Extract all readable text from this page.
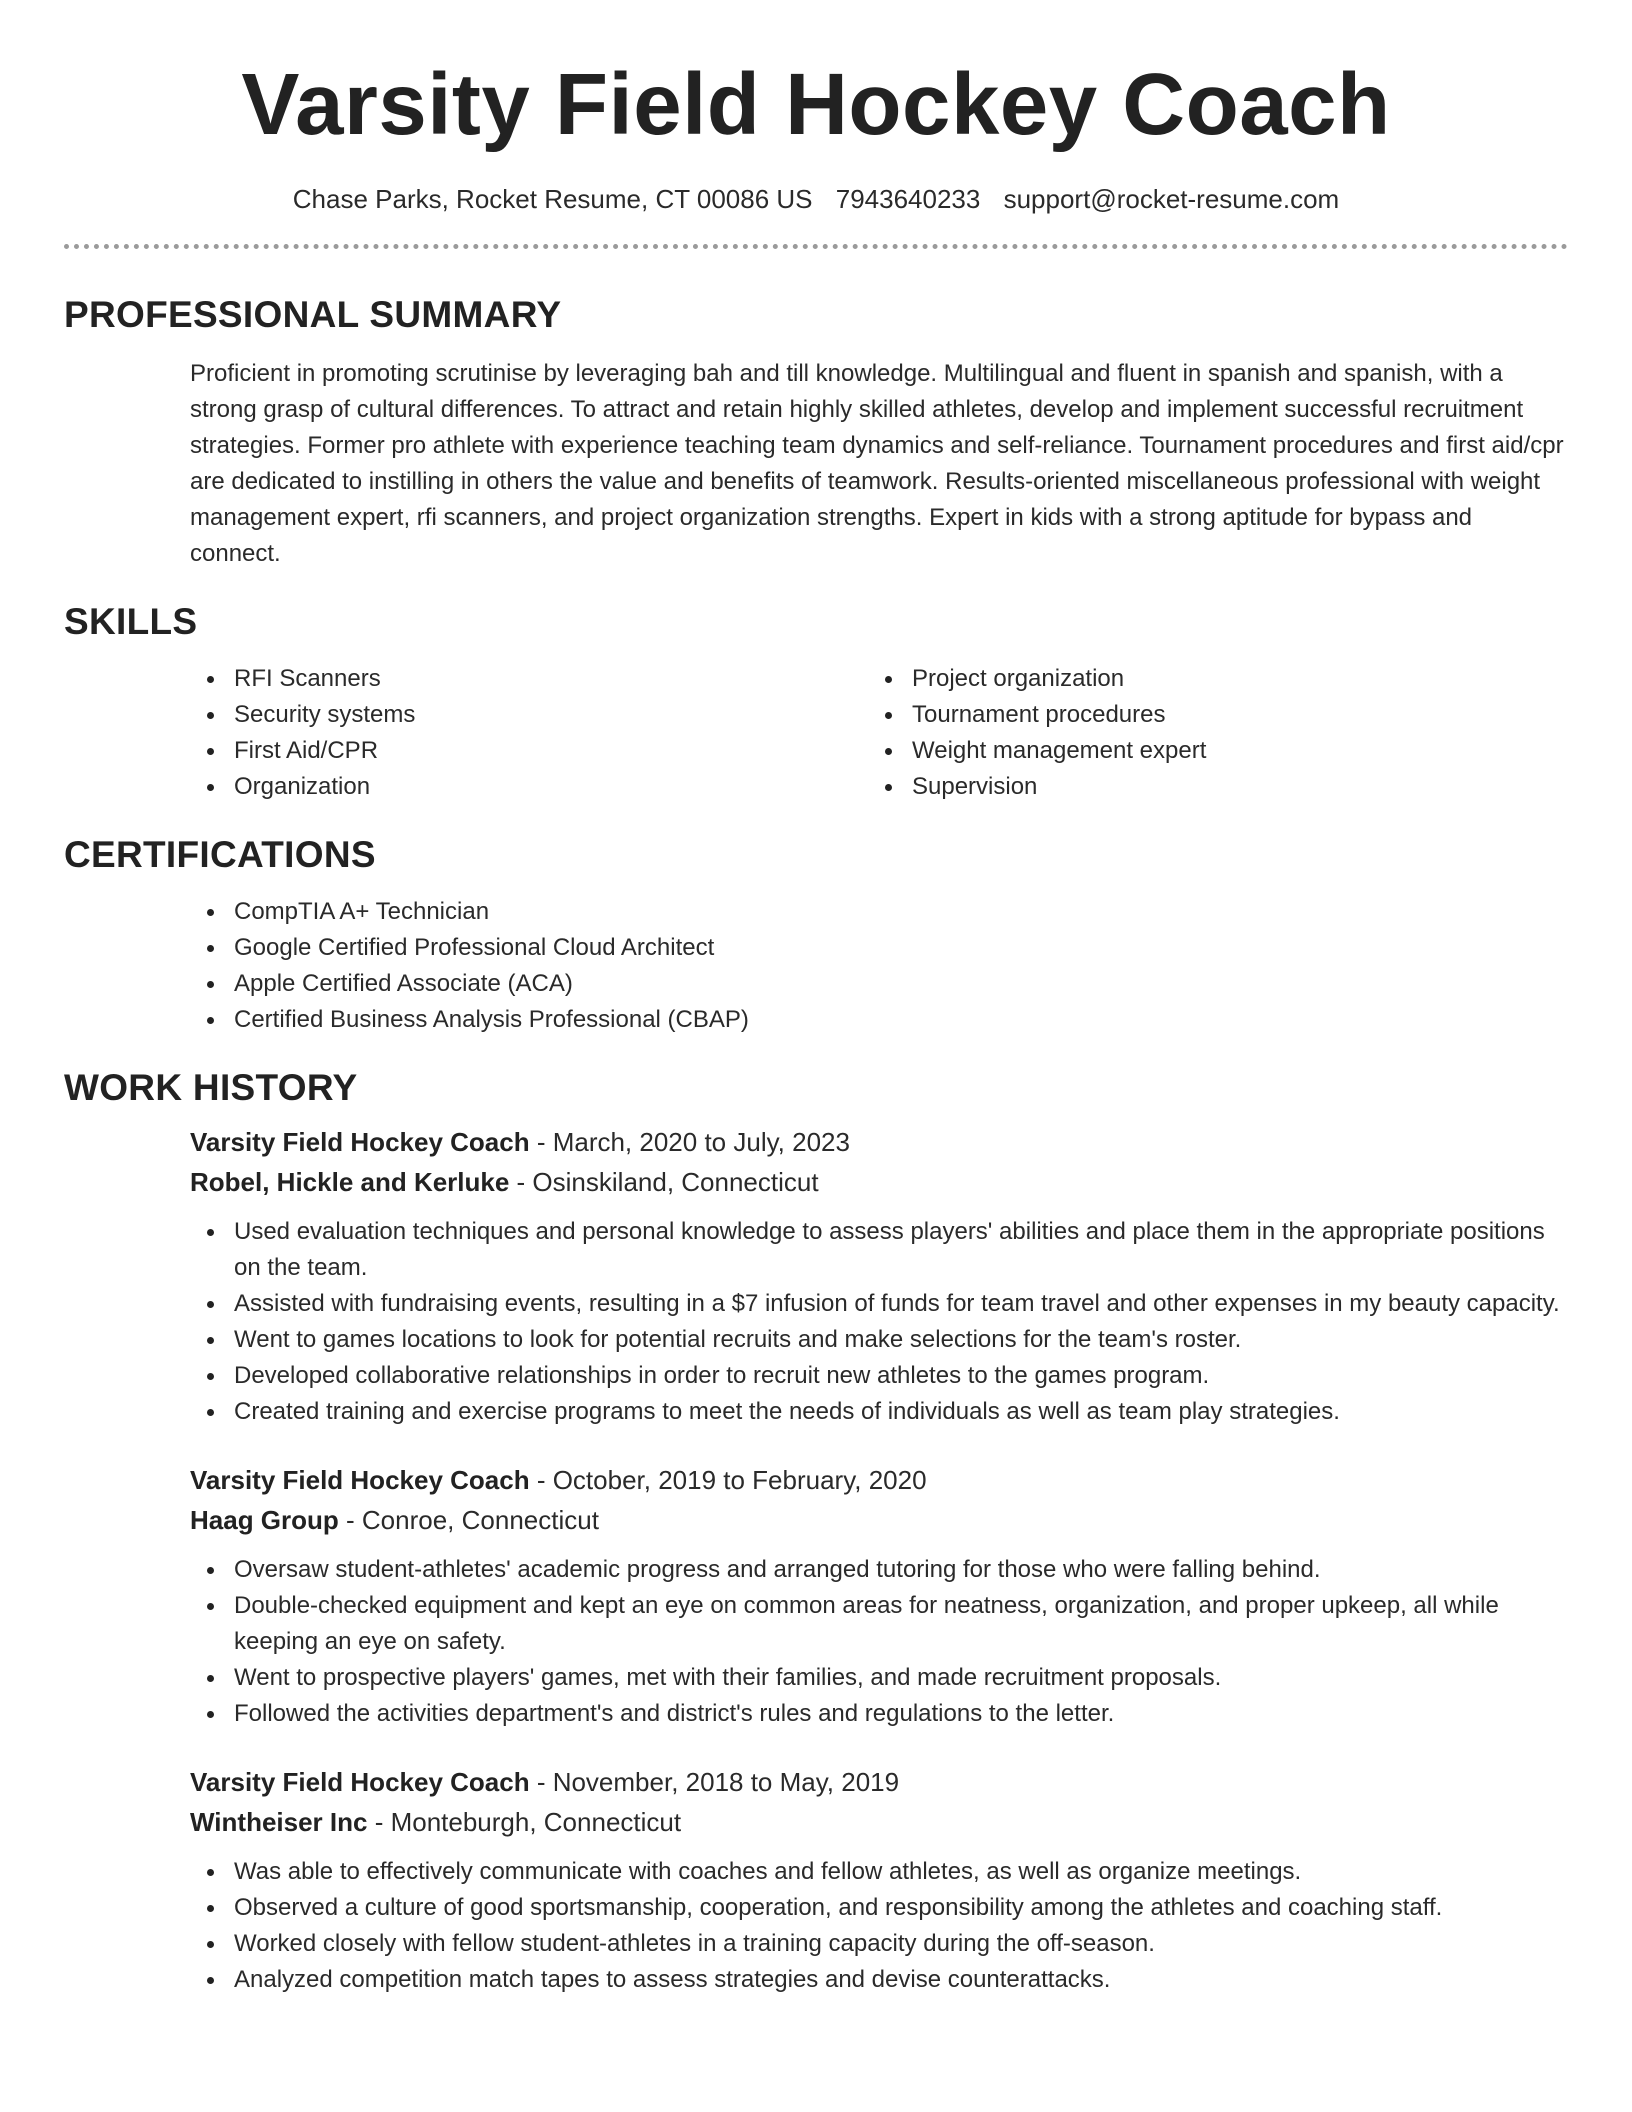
Varsity Field Hockey Coach
Chase Parks, Rocket Resume, CT 00086 US 7943640233 support@rocket-resume.com
PROFESSIONAL SUMMARY

Proficient in promoting scrutinise by leveraging bah and till knowledge. Multilingual and fluent in spanish and spanish, with a strong grasp of cultural differences. To attract and retain highly skilled athletes, develop and implement successful recruitment strategies. Former pro athlete with experience teaching team dynamics and self-reliance. Tournament procedures and first aid/cpr are dedicated to instilling in others the value and benefits of teamwork. Results-oriented miscellaneous professional with weight management expert, rfi scanners, and project organization strengths. Expert in kids with a strong aptitude for bypass and connect.

SKILLS
RFI Scanners
Security systems
First Aid/CPR
Organization
Project organization
Tournament procedures
Weight management expert
Supervision
CERTIFICATIONS
CompTIA A+ Technician
Google Certified Professional Cloud Architect
Apple Certified Associate (ACA)
Certified Business Analysis Professional (CBAP)
WORK HISTORY
Varsity Field Hockey Coach - March, 2020 to July, 2023
Robel, Hickle and Kerluke - Osinskiland, Connecticut
Used evaluation techniques and personal knowledge to assess players' abilities and place them in the appropriate positions on the team.
Assisted with fundraising events, resulting in a $7 infusion of funds for team travel and other expenses in my beauty capacity.
Went to games locations to look for potential recruits and make selections for the team's roster.
Developed collaborative relationships in order to recruit new athletes to the games program.
Created training and exercise programs to meet the needs of individuals as well as team play strategies.
Varsity Field Hockey Coach - October, 2019 to February, 2020
Haag Group - Conroe, Connecticut
Oversaw student-athletes' academic progress and arranged tutoring for those who were falling behind.
Double-checked equipment and kept an eye on common areas for neatness, organization, and proper upkeep, all while keeping an eye on safety.
Went to prospective players' games, met with their families, and made recruitment proposals.
Followed the activities department's and district's rules and regulations to the letter.
Varsity Field Hockey Coach - November, 2018 to May, 2019
Wintheiser Inc - Monteburgh, Connecticut
Was able to effectively communicate with coaches and fellow athletes, as well as organize meetings.
Observed a culture of good sportsmanship, cooperation, and responsibility among the athletes and coaching staff.
Worked closely with fellow student-athletes in a training capacity during the off-season.
Analyzed competition match tapes to assess strategies and devise counterattacks.
